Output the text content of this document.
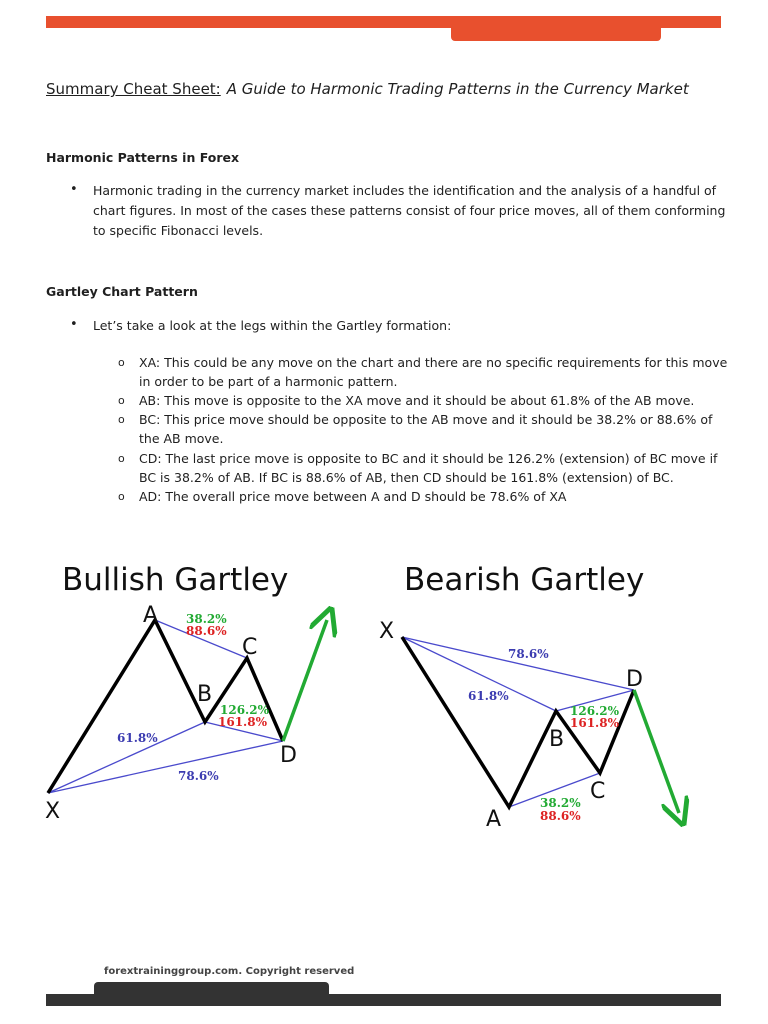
Summary Cheat Sheet: A Guide to Harmonic Trading Patterns in the Currency Market
Harmonic Patterns in Forex
• Harmonic trading in the currency market includes the identification and the analysis of a handful of chart figures. In most of the cases these patterns consist of four price moves, all of them conforming to specific Fibonacci levels.
Gartley Chart Pattern
• Let’s take a look at the legs within the Gartley formation:
o XA: This could be any move on the chart and there are no specific requirements for this move in order to be part of a harmonic pattern.
o AB: This move is opposite to the XA move and it should be about 61.8% of the AB move.
o BC: This price move should be opposite to the AB move and it should be 38.2% or 88.6% of the AB move.
o CD: The last price move is opposite to BC and it should be 126.2% (extension) of BC move if BC is 38.2% of AB. If BC is 88.6% of AB, then CD should be 161.8% (extension) of BC.
o AD: The overall price move between A and D should be 78.6% of XA
Bullish Gartley
X
A
B
C
D
38.2%
88.6%
126.2%
161.8%
61.8%
78.6%
Bearish Gartley
X
A
B
C
D
78.6%
61.8%
126.2%
161.8%
38.2%
88.6%
forextraininggroup.com. Copyright reserved
